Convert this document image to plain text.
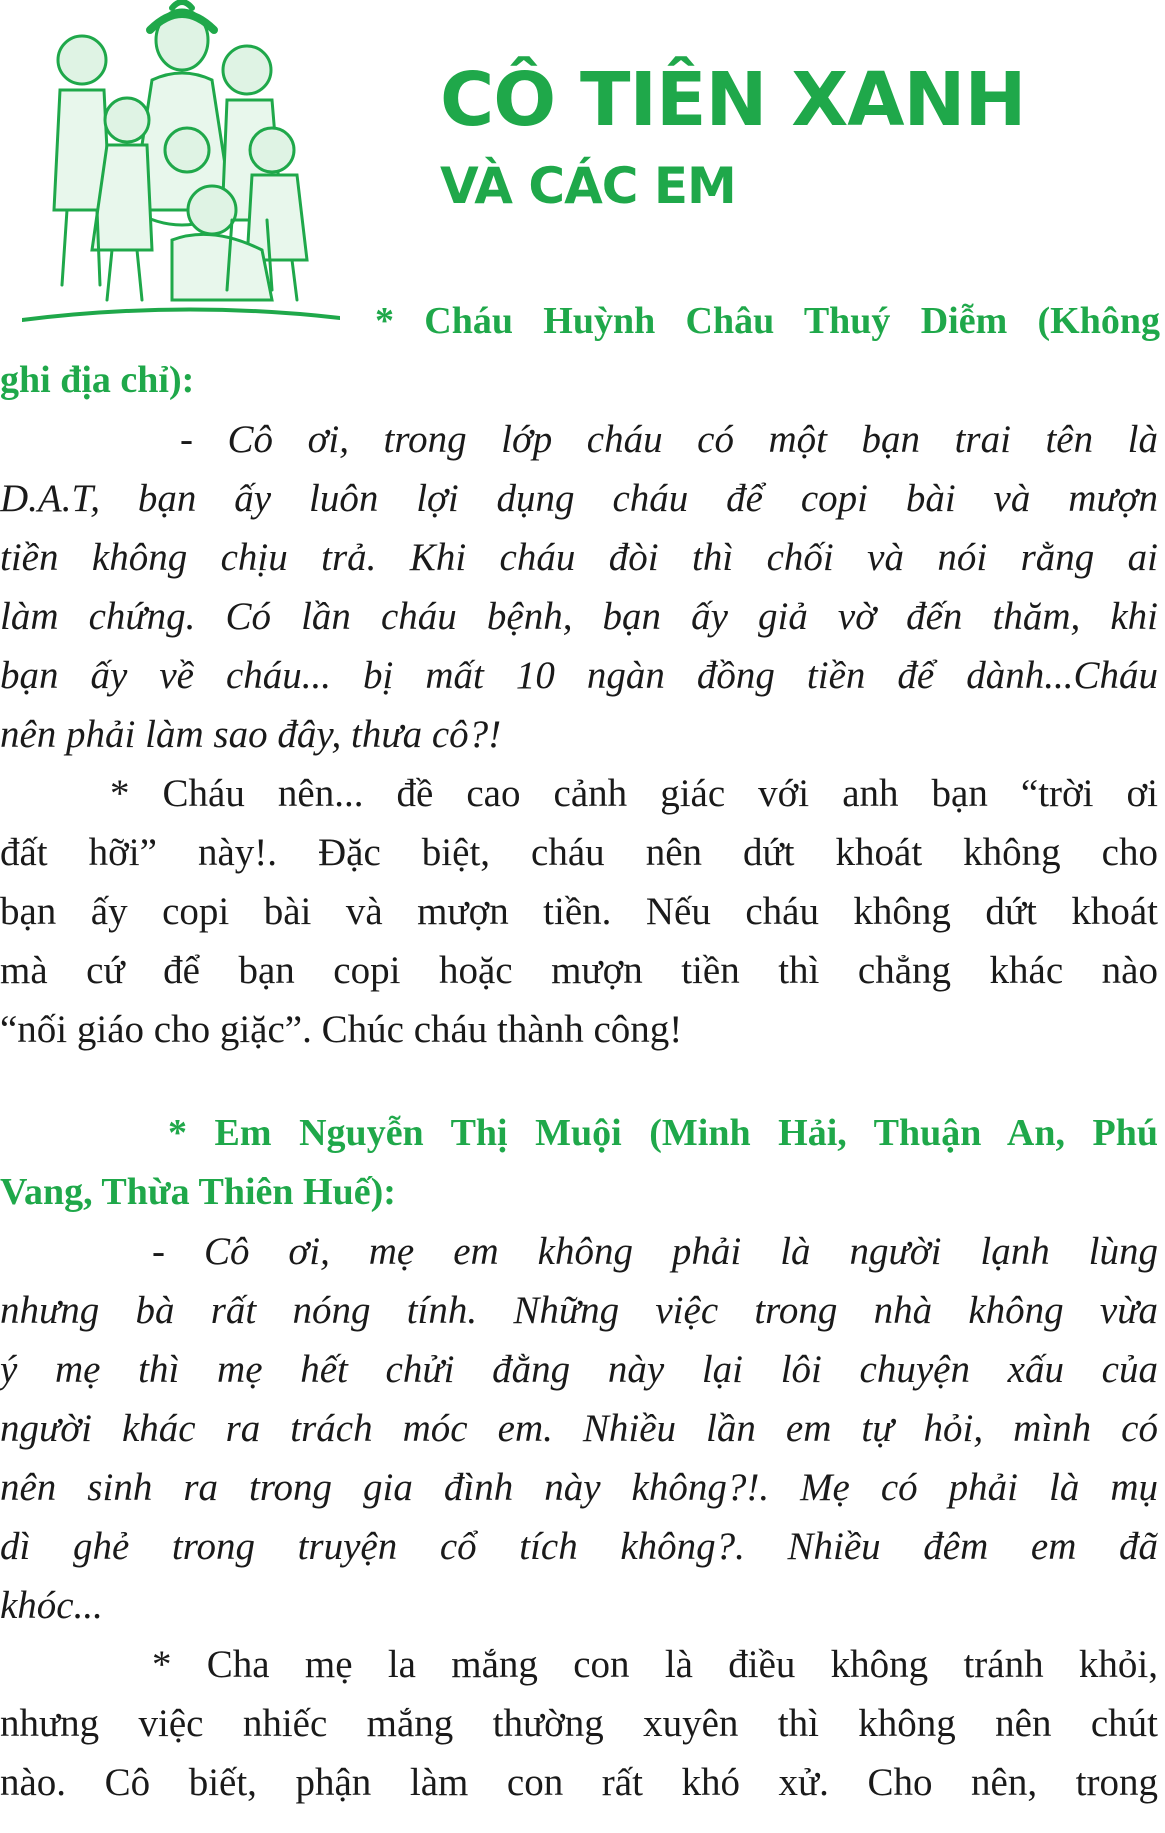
CÔ TIÊN XANH
VÀ CÁC EM
* Cháu Huỳnh Châu Thuý Diễm (Không
ghi địa chỉ):
- Cô ơi, trong lớp cháu có một bạn trai tên là
D.A.T, bạn ấy luôn lợi dụng cháu để copi bài và mượn
tiền không chịu trả. Khi cháu đòi thì chối và nói rằng ai
làm chứng. Có lần cháu bệnh, bạn ấy giả vờ đến thăm, khi
bạn ấy về cháu... bị mất 10 ngàn đồng tiền để dành...Cháu
nên phải làm sao đây, thưa cô?!
* Cháu nên... đề cao cảnh giác với anh bạn “trời ơi
đất hỡi” này!. Đặc biệt, cháu nên dứt khoát không cho
bạn ấy copi bài và mượn tiền. Nếu cháu không dứt khoát
mà cứ để bạn copi hoặc mượn tiền thì chẳng khác nào
“nối giáo cho giặc”. Chúc cháu thành công!
* Em Nguyễn Thị Muội (Minh Hải, Thuận An, Phú
Vang, Thừa Thiên Huế):
- Cô ơi, mẹ em không phải là người lạnh lùng
nhưng bà rất nóng tính. Những việc trong nhà không vừa
ý mẹ thì mẹ hết chửi đằng này lại lôi chuyện xấu của
người khác ra trách móc em. Nhiều lần em tự hỏi, mình có
nên sinh ra trong gia đình này không?!. Mẹ có phải là mụ
dì ghẻ trong truyện cổ tích không?. Nhiều đêm em đã
khóc...
* Cha mẹ la mắng con là điều không tránh khỏi,
nhưng việc nhiếc mắng thường xuyên thì không nên chút
nào. Cô biết, phận làm con rất khó xử. Cho nên, trong
